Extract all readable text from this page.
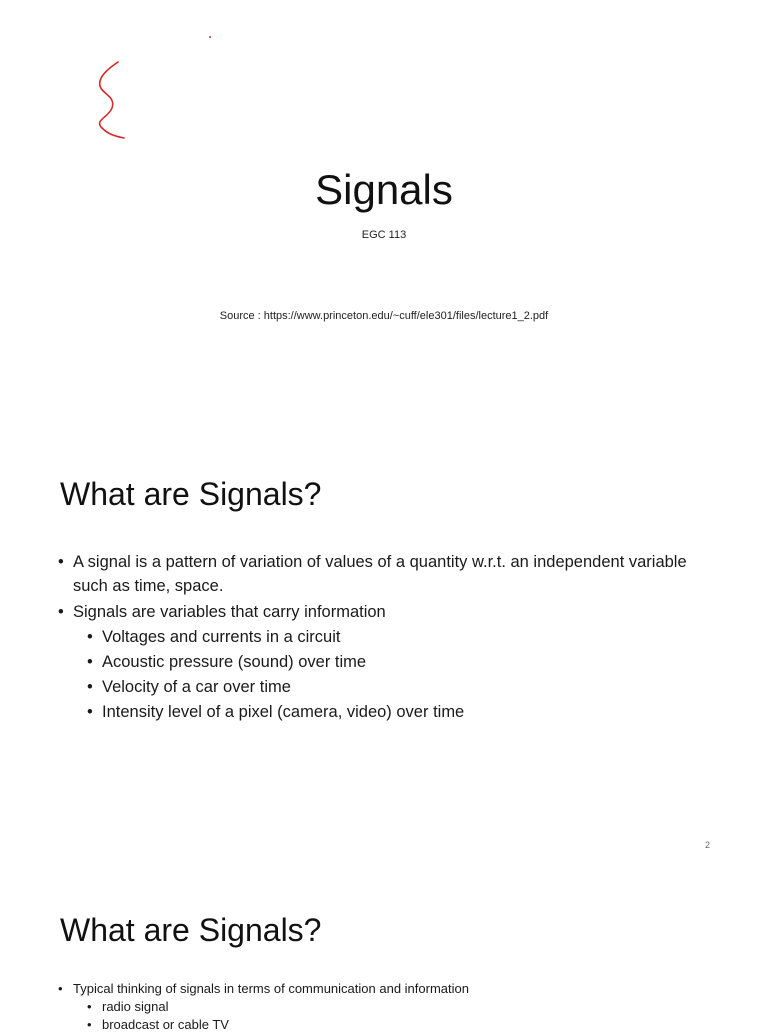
Signals
EGC 113
Source : https://www.princeton.edu/~cuff/ele301/files/lecture1_2.pdf
What are Signals?
• A signal is a pattern of variation of values of a quantity w.r.t. an independent variable such as time, space.
• Signals are variables that carry information
• Voltages and currents in a circuit
• Acoustic pressure (sound) over time
• Velocity of a car over time
• Intensity level of a pixel (camera, video) over time
2
What are Signals?
• Typical thinking of signals in terms of communication and information
• radio signal
• broadcast or cable TV
